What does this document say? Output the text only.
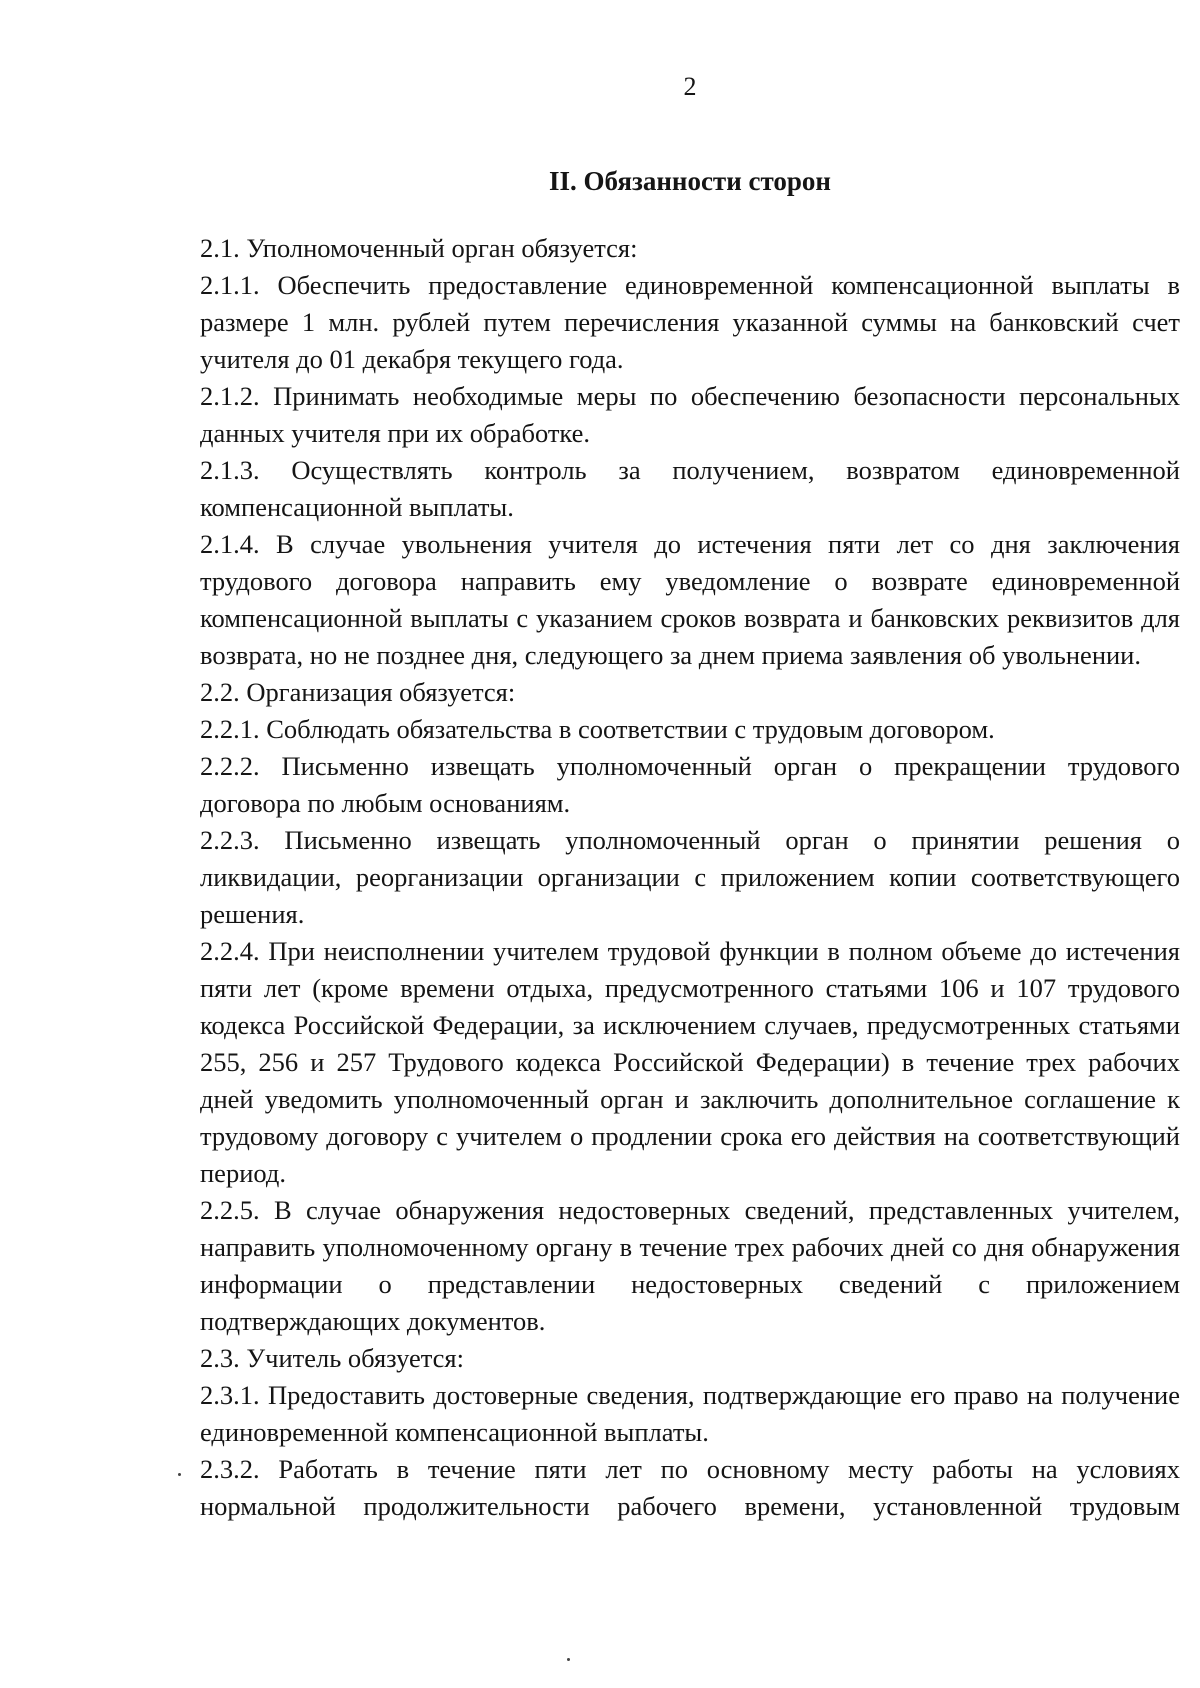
2
II. Обязанности сторон

2.1. Уполномоченный орган обязуется:

2.1.1. Обеспечить предоставление единовременной компенсационной выплаты в размере 1 млн. рублей путем перечисления указанной суммы на банковский счет учителя до 01 декабря текущего года.

2.1.2. Принимать необходимые меры по обеспечению безопасности персональных данных учителя при их обработке.

2.1.3. Осуществлять контроль за получением, возвратом единовременной компенсационной выплаты.

2.1.4. В случае увольнения учителя до истечения пяти лет со дня заключения трудового договора направить ему уведомление о возврате единовременной компенсационной выплаты с указанием сроков возврата и банковских реквизитов для возврата, но не позднее дня, следующего за днем приема заявления об увольнении.

2.2. Организация обязуется:

2.2.1. Соблюдать обязательства в соответствии с трудовым договором.

2.2.2. Письменно извещать уполномоченный орган о прекращении трудового договора по любым основаниям.

2.2.3. Письменно извещать уполномоченный орган о принятии решения о ликвидации, реорганизации организации с приложением копии соответствующего решения.

2.2.4. При неисполнении учителем трудовой функции в полном объеме до истечения пяти лет (кроме времени отдыха, предусмотренного статьями 106 и 107 трудового кодекса Российской Федерации, за исключением случаев, предусмотренных статьями 255, 256 и 257 Трудового кодекса Российской Федерации) в течение трех рабочих дней уведомить уполномоченный орган и заключить дополнительное соглашение к трудовому договору с учителем о продлении срока его действия на соответствующий период.

2.2.5. В случае обнаружения недостоверных сведений, представленных учителем, направить уполномоченному органу в течение трех рабочих дней со дня обнаружения информации о представлении недостоверных сведений с приложением подтверждающих документов.

2.3. Учитель обязуется:

2.3.1. Предоставить достоверные сведения, подтверждающие его право на получение единовременной компенсационной выплаты.

2.3.2. Работать в течение пяти лет по основному месту работы на условиях нормальной продолжительности рабочего времени, установленной трудовым
